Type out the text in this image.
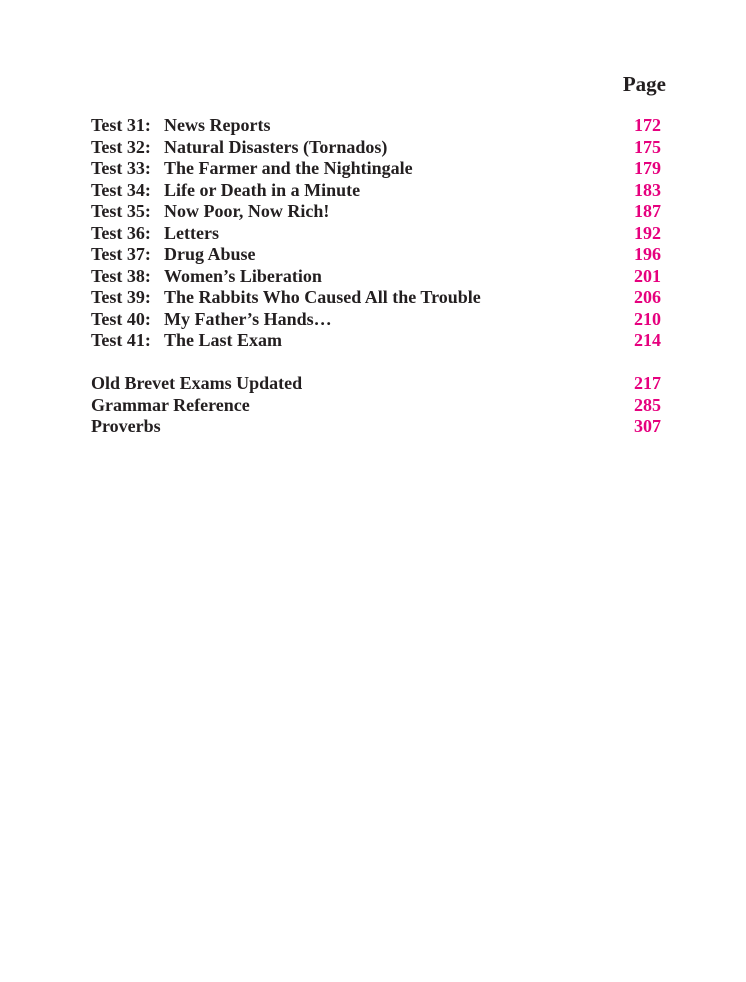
Page
Test 31: News Reports	172
Test 32: Natural Disasters (Tornados)	175
Test 33: The Farmer and the Nightingale	179
Test 34: Life or Death in a Minute	183
Test 35: Now Poor, Now Rich!	187
Test 36: Letters	192
Test 37: Drug Abuse	196
Test 38: Women’s Liberation	201
Test 39: The Rabbits Who Caused All the Trouble	206
Test 40: My Father’s Hands…	210
Test 41: The Last Exam	214
Old Brevet Exams Updated	217
Grammar Reference	285
Proverbs	307
